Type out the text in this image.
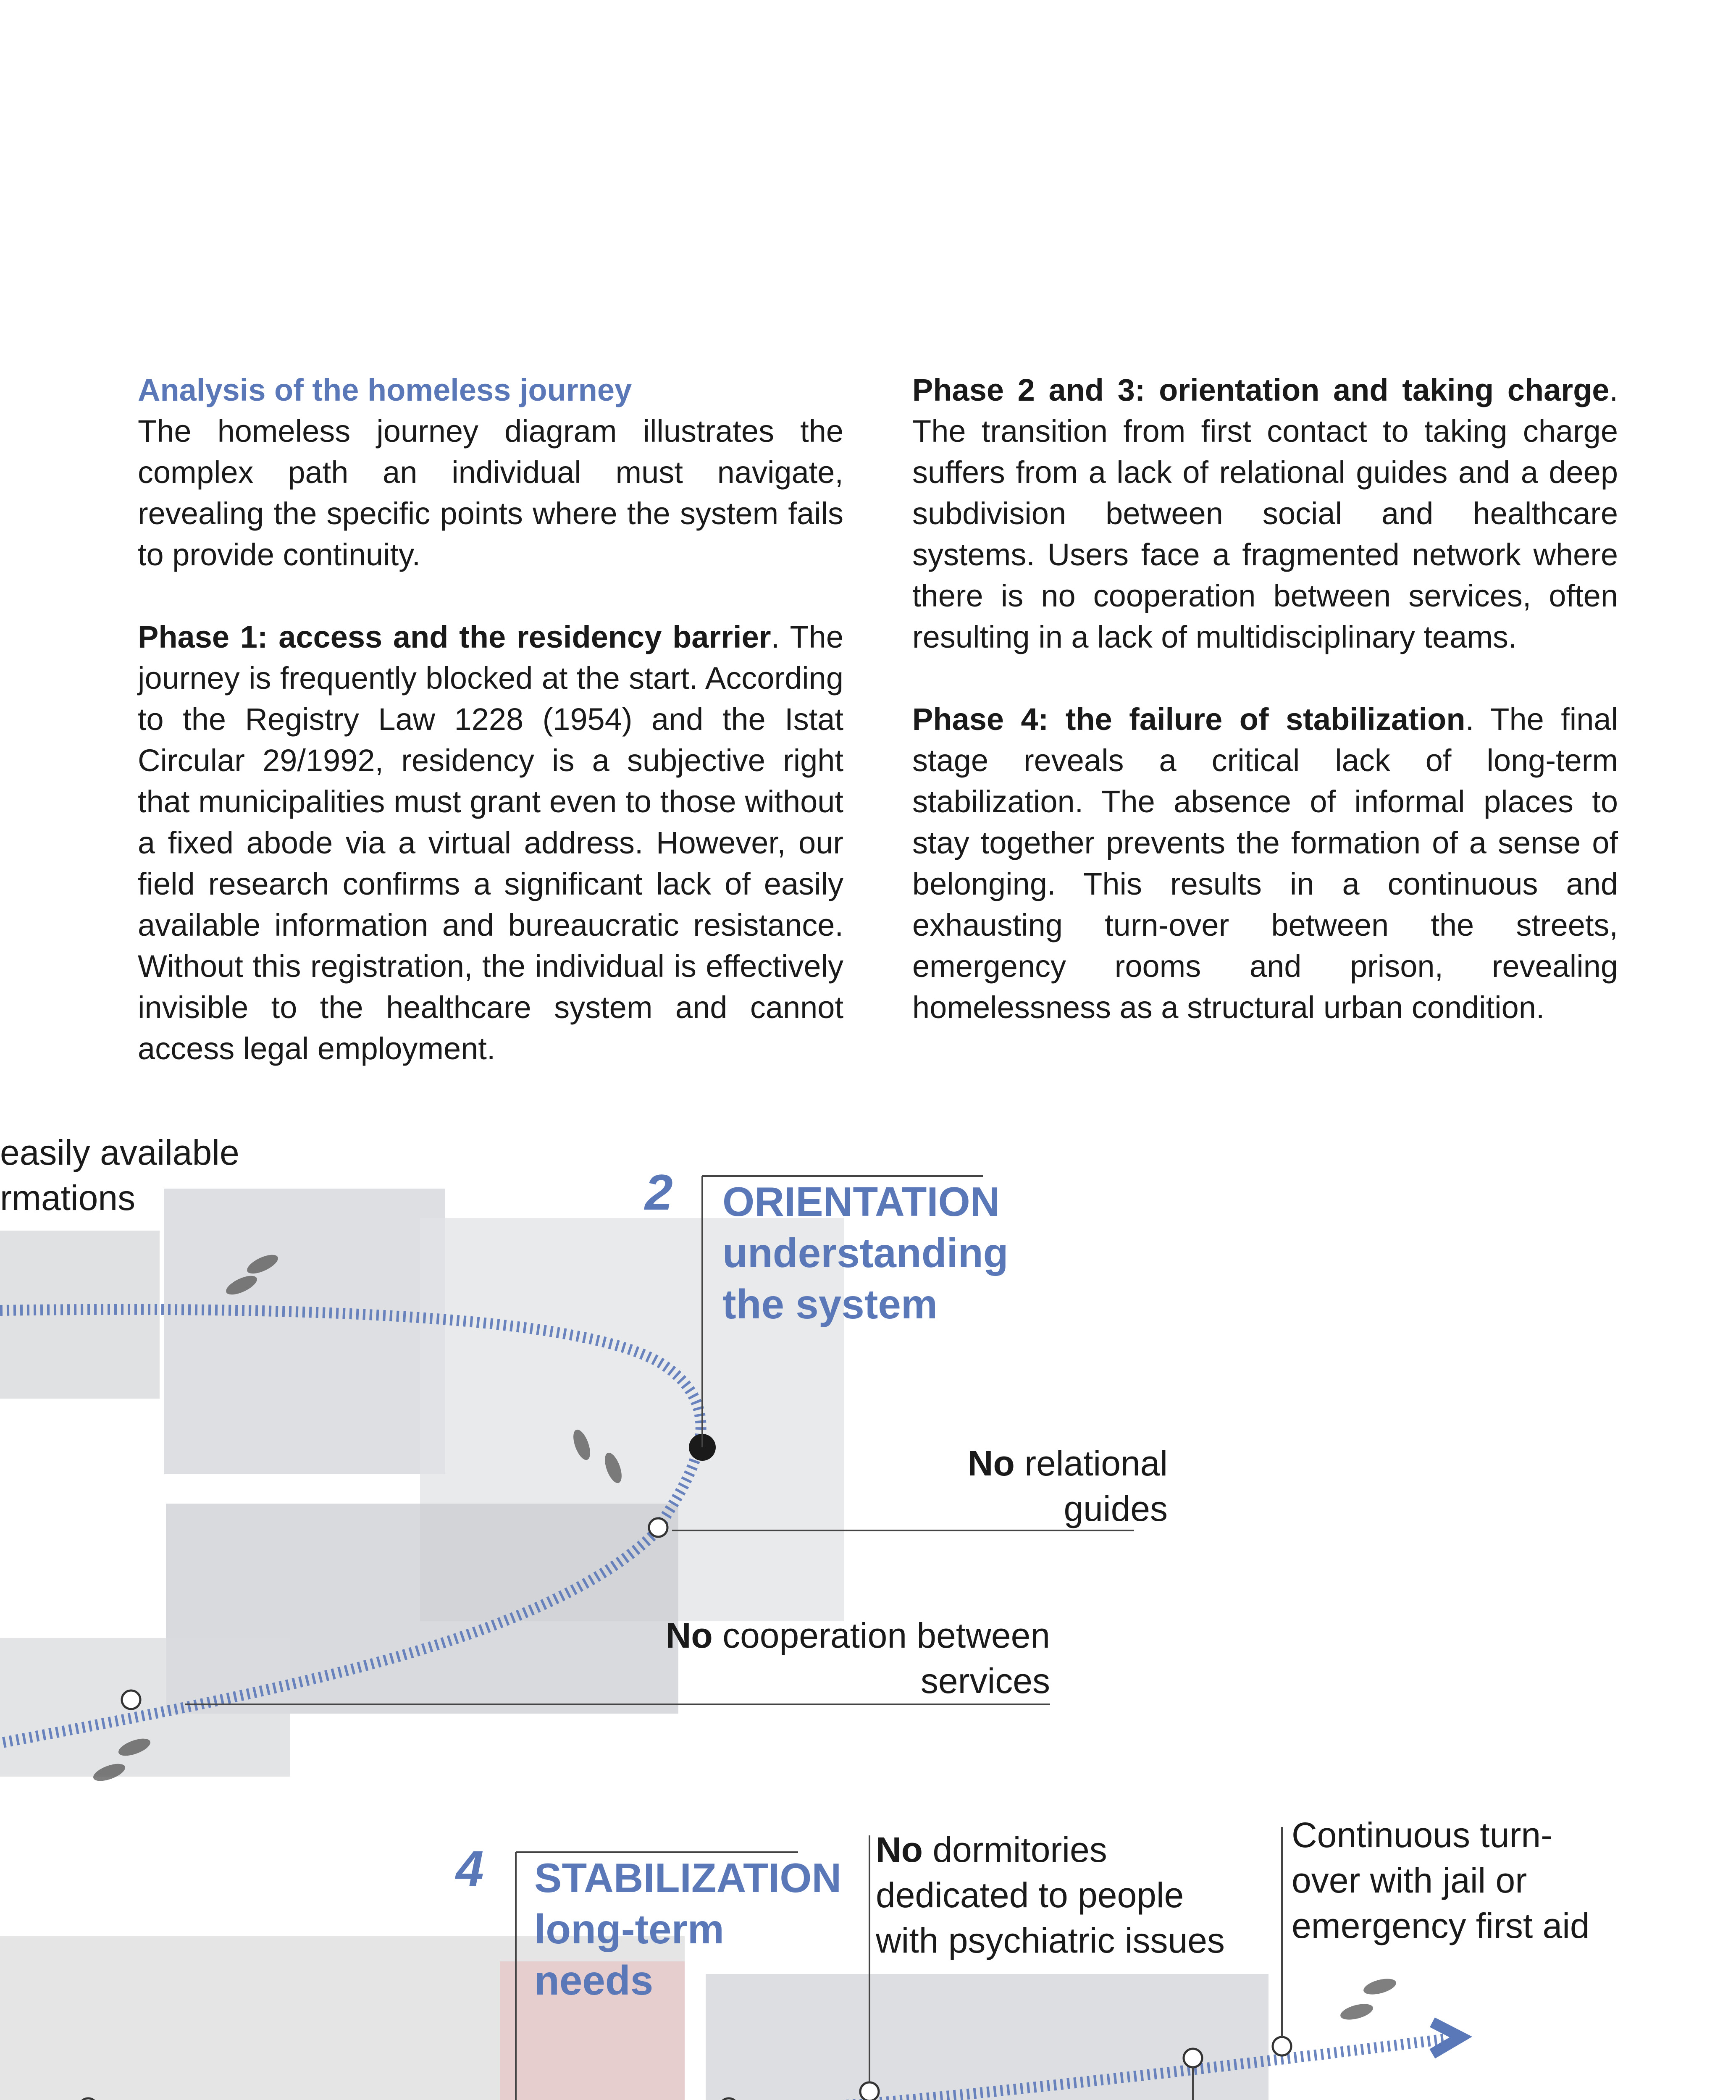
Analysis of the homeless journey

The homeless journey diagram illustrates the complex path an individual must navigate, revealing the specific points where the system fails to provide continuity.

Phase 1: access and the residency barrier. The journey is frequently blocked at the start. According to the Registry Law 1228 (1954) and the Istat Circular 29/1992, residency is a subjective right that municipalities must grant even to those without a fixed abode via a virtual address. However, our field research confirms a significant lack of easily available information and bureaucratic resistance. Without this registration, the individual is effectively invisible to the healthcare system and cannot access legal employment.

Phase 2 and 3: orientation and taking charge. The transition from first contact to taking charge suffers from a lack of relational guides and a deep subdivision between social and healthcare systems. Users face a fragmented network where there is no cooperation between services, often resulting in a lack of multidisciplinary teams.

Phase 4: the failure of stabilization. The final stage reveals a critical lack of long-term stabilization. The absence of informal places to stay together prevents the formation of a sense of belonging. This results in a continuous and exhausting turn-over between the streets, emergency rooms and prison, revealing homelessness as a structural urban condition.

easily available
rmations	2 ORIENTATION
understanding
the system
No relational
guides
No cooperation between
services
4 STABILIZATION
long-term
needs
No dormitories
dedicated to people
with psychiatric issues
Continuous turn-
over with jail or
emergency first aid
